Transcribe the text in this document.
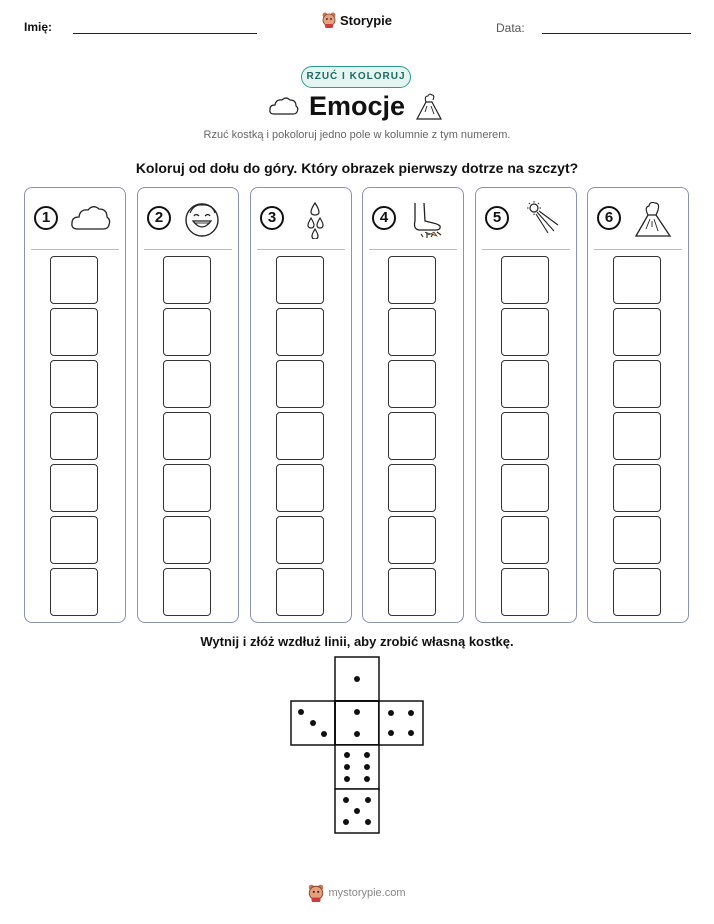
Imię:	Storypie
Data:
RZUĆ I KOLORUJ
Emocje
Rzuć kostką i pokoloruj jedno pole w kolumnie z tym numerem.
Koloruj od dołu do góry. Który obrazek pierwszy dotrze na szczyt?
1	2	3	4	5	6
Wytnij i złóż wzdłuż linii, aby zrobić własną kostkę.
mystorypie.com
